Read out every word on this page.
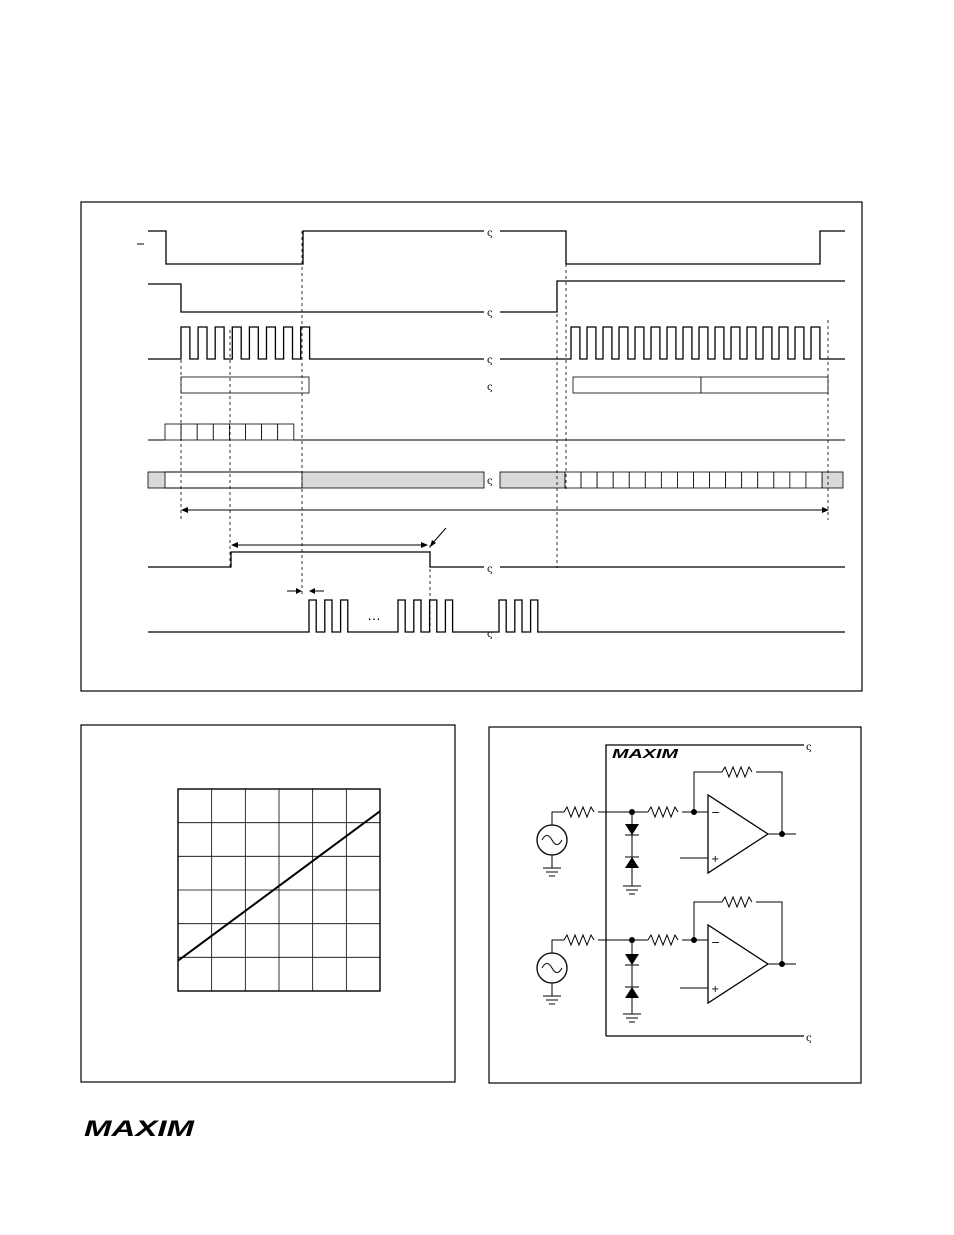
ς
ς
ς
ς
ς
ς
…
ς
ς
ς
MAXIM
−
+
−
+
MAXIM
